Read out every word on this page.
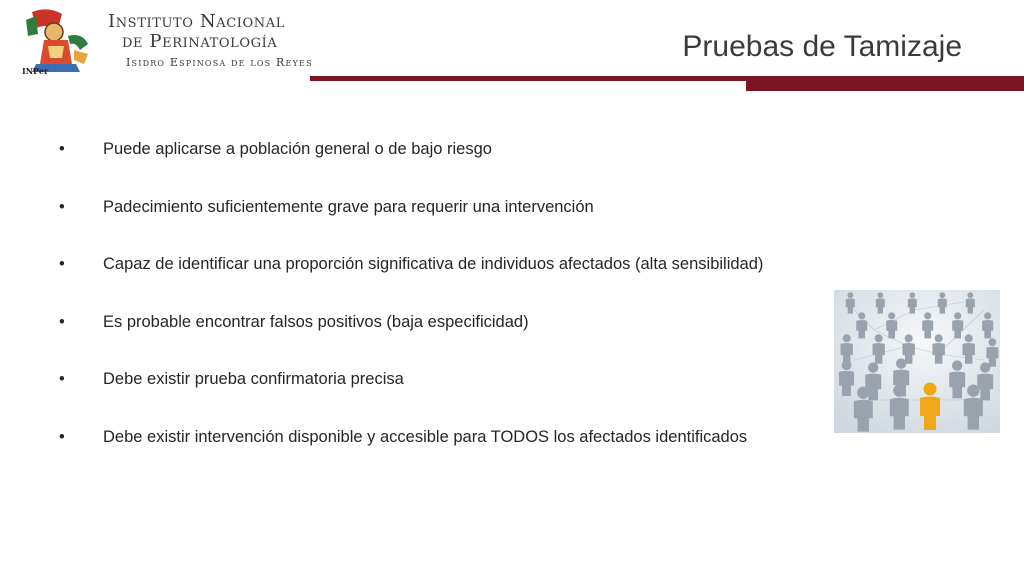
INPer
Instituto Nacional
de Perinatología
Isidro Espinosa de los Reyes	Pruebas de Tamizaje
•	Puede aplicarse a población general o de bajo riesgo
•	Padecimiento suficientemente grave para requerir una intervención
•	Capaz de identificar una proporción significativa de individuos afectados (alta sensibilidad)
•	Es probable encontrar falsos positivos (baja especificidad)
•	Debe existir prueba confirmatoria precisa
•	Debe existir intervención disponible y accesible para TODOS los afectados identificados
